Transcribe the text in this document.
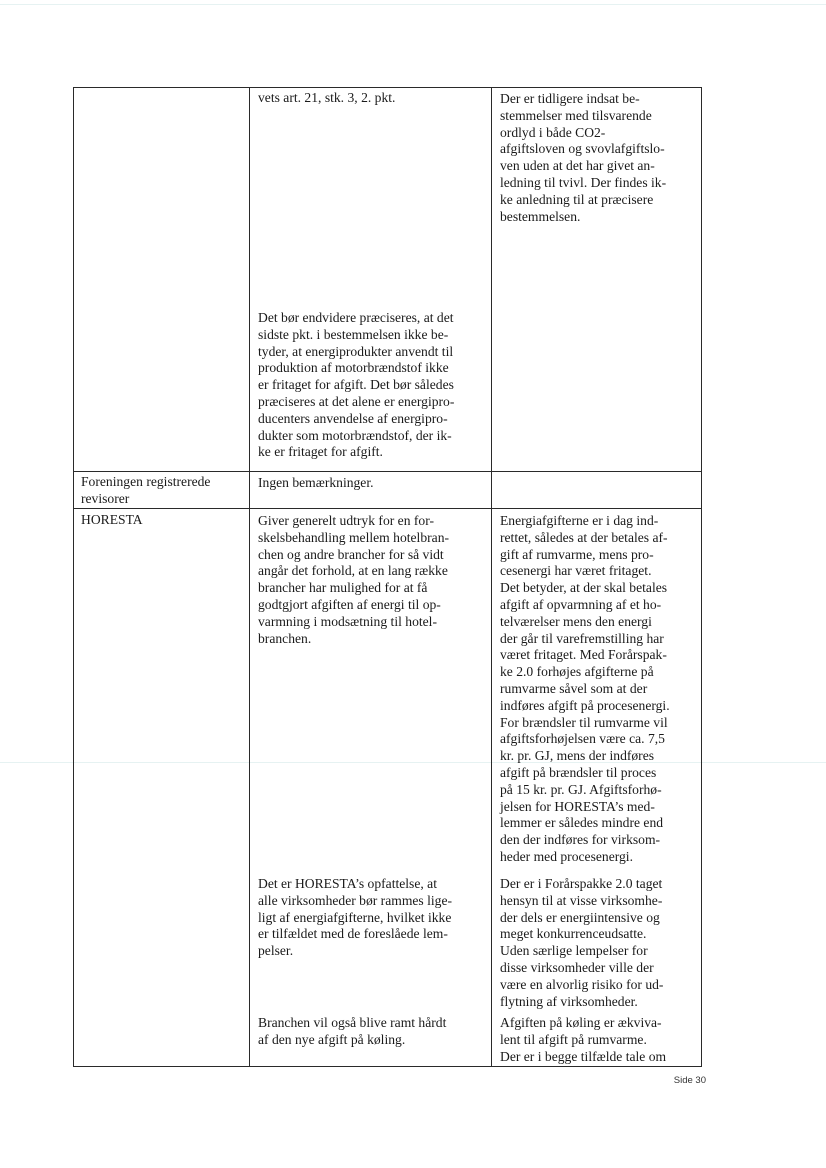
vets art. 21, stk. 3, 2. pkt.	Der er tidligere indsat be-
stemmelser med tilsvarende
ordlyd i både CO2-
afgiftsloven og svovlafgiftslo-
ven uden at det har givet an-
ledning til tvivl. Der findes ik-
ke anledning til at præcisere
bestemmelsen.

Det bør endvidere præciseres, at det
sidste pkt. i bestemmelsen ikke be-
tyder, at energiprodukter anvendt til
produktion af motorbrændstof ikke
er fritaget for afgift. Det bør således
præciseres at det alene er energipro-
ducenters anvendelse af energipro-
dukter som motorbrændstof, der ik-
ke er fritaget for afgift.

Foreningen registrerede
revisorer

Ingen bemærkninger.

HORESTA	Giver generelt udtryk for en for-
skelsbehandling mellem hotelbran-
chen og andre brancher for så vidt
angår det forhold, at en lang række
brancher har mulighed for at få
godtgjort afgiften af energi til op-
varmning i modsætning til hotel-
branchen.

Energiafgifterne er i dag ind-
rettet, således at der betales af-
gift af rumvarme, mens pro-
cesenergi har været fritaget.
Det betyder, at der skal betales
afgift af opvarmning af et ho-
telværelser mens den energi
der går til varefremstilling har
været fritaget. Med Forårspak-
ke 2.0 forhøjes afgifterne på
rumvarme såvel som at der
indføres afgift på procesenergi.
For brændsler til rumvarme vil
afgiftsforhøjelsen være ca. 7,5
kr. pr. GJ, mens der indføres
afgift på brændsler til proces
på 15 kr. pr. GJ. Afgiftsforhø-
jelsen for HORESTA’s med-
lemmer er således mindre end
den der indføres for virksom-
heder med procesenergi.

Det er HORESTA’s opfattelse, at
alle virksomheder bør rammes lige-
ligt af energiafgifterne, hvilket ikke
er tilfældet med de foreslåede lem-
pelser.

Der er i Forårspakke 2.0 taget
hensyn til at visse virksomhe-
der dels er energiintensive og
meget konkurrenceudsatte.
Uden særlige lempelser for
disse virksomheder ville der
være en alvorlig risiko for ud-
flytning af virksomheder.

Branchen vil også blive ramt hårdt
af den nye afgift på køling.

Afgiften på køling er ækviva-
lent til afgift på rumvarme.
Der er i begge tilfælde tale om

Side 30
